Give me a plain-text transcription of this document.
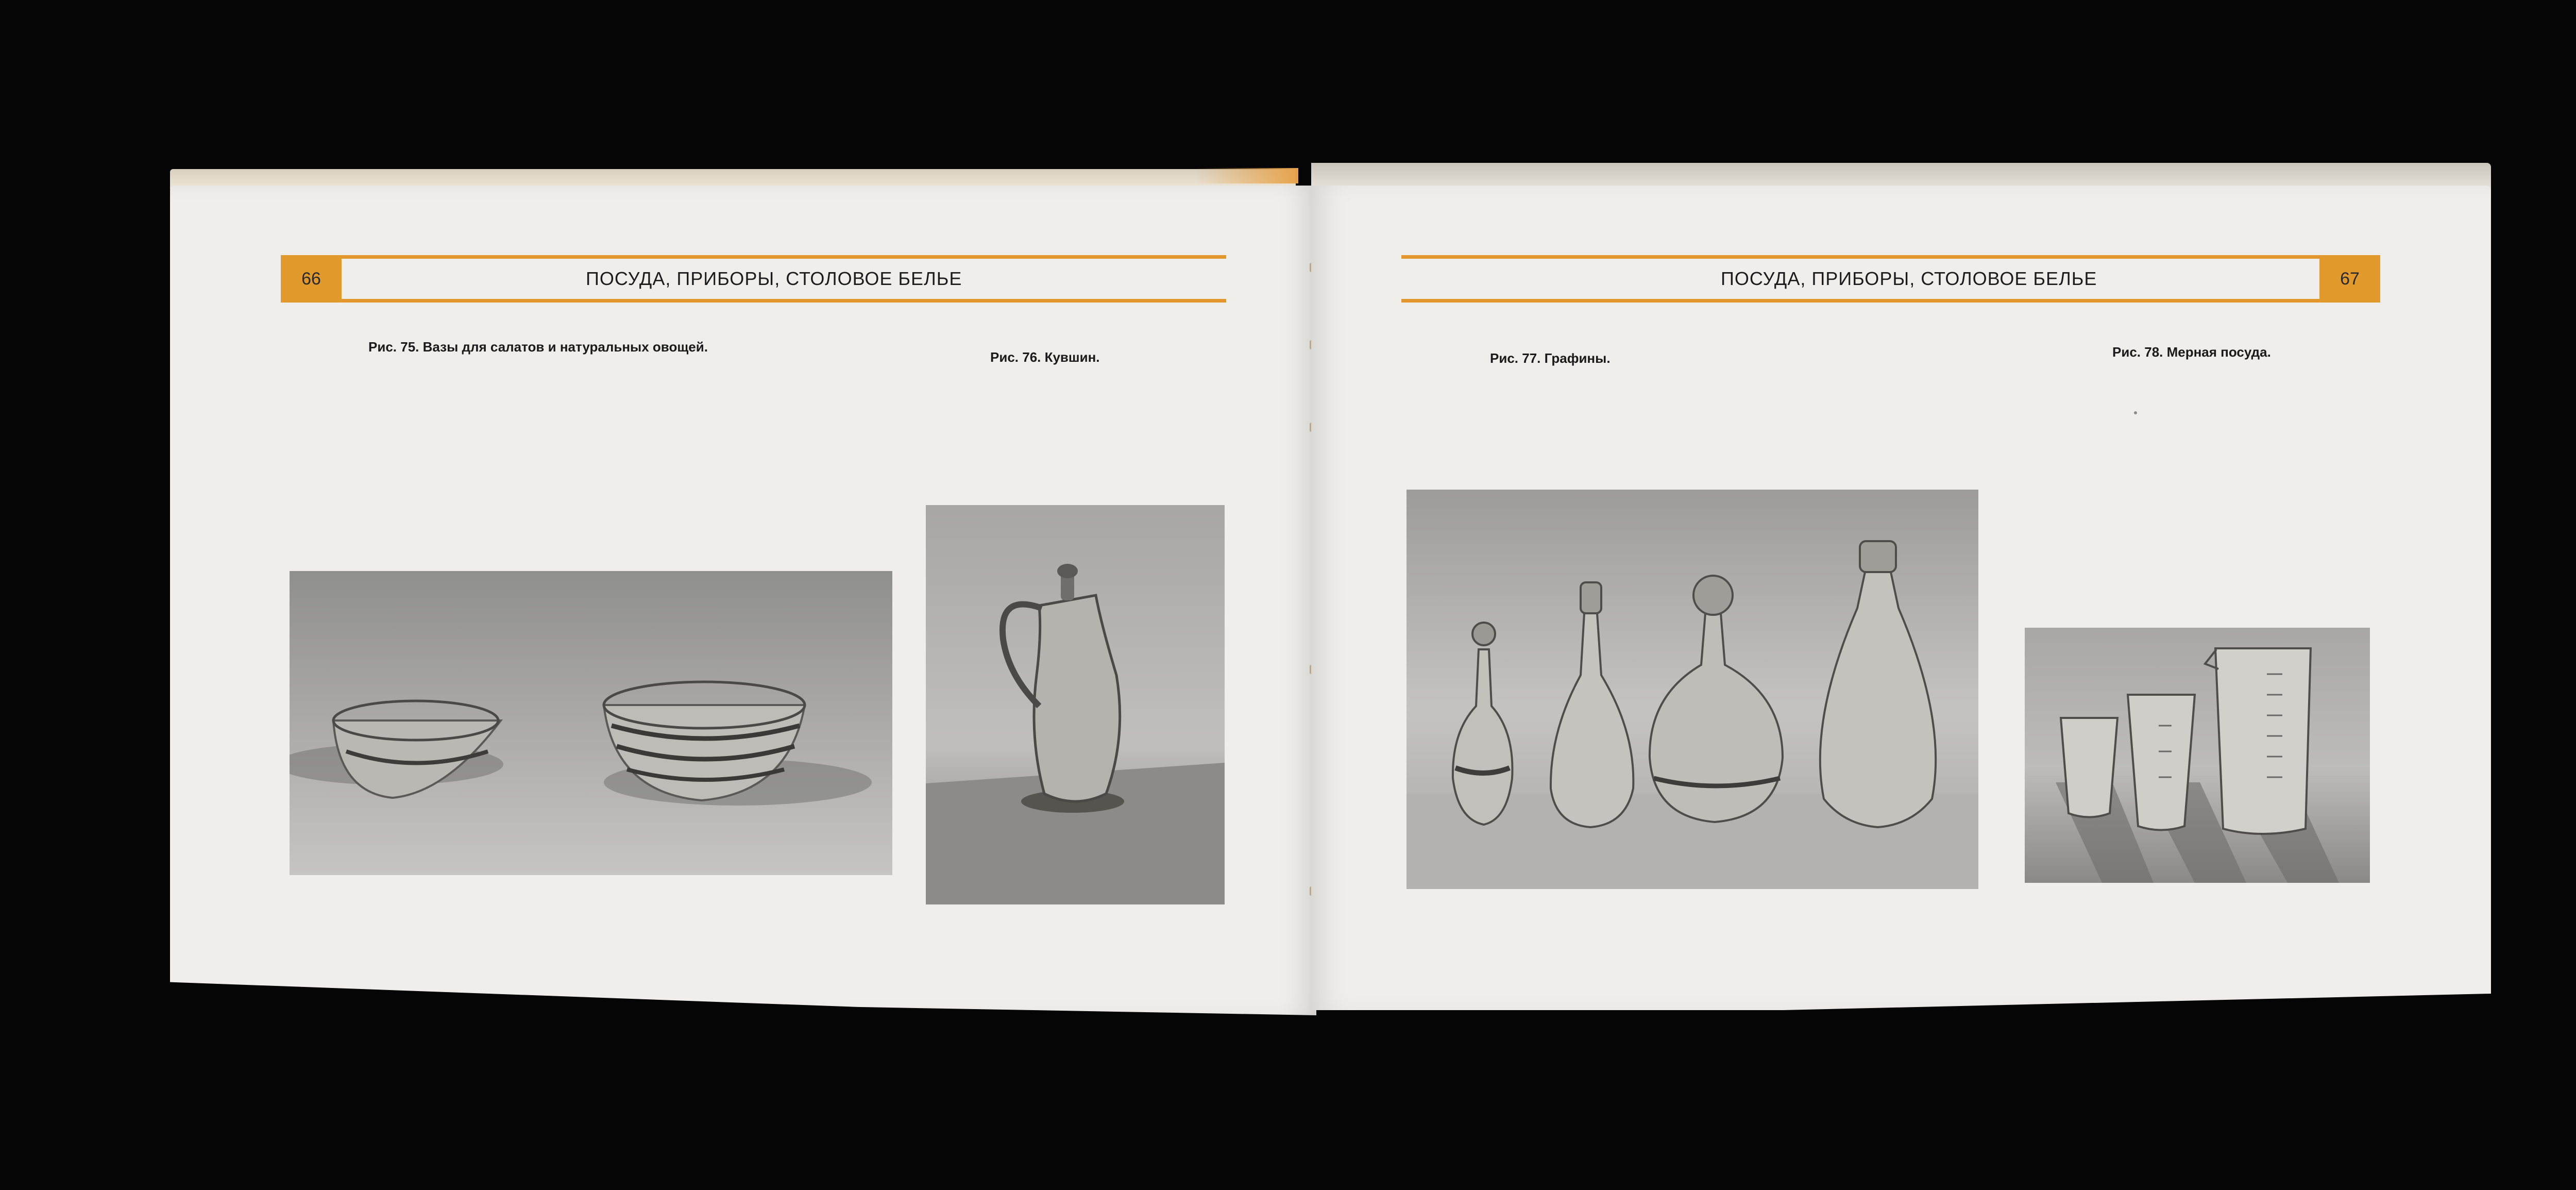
66	ПОСУДА, ПРИБОРЫ, СТОЛОВОЕ БЕЛЬЕ
Рис. 75. Вазы для салатов и натуральных овощей.
Рис. 76. Кувшин.
ПОСУДА, ПРИБОРЫ, СТОЛОВОЕ БЕЛЬЕ	67
Рис. 77. Графины.	Рис. 78. Мерная посуда.
